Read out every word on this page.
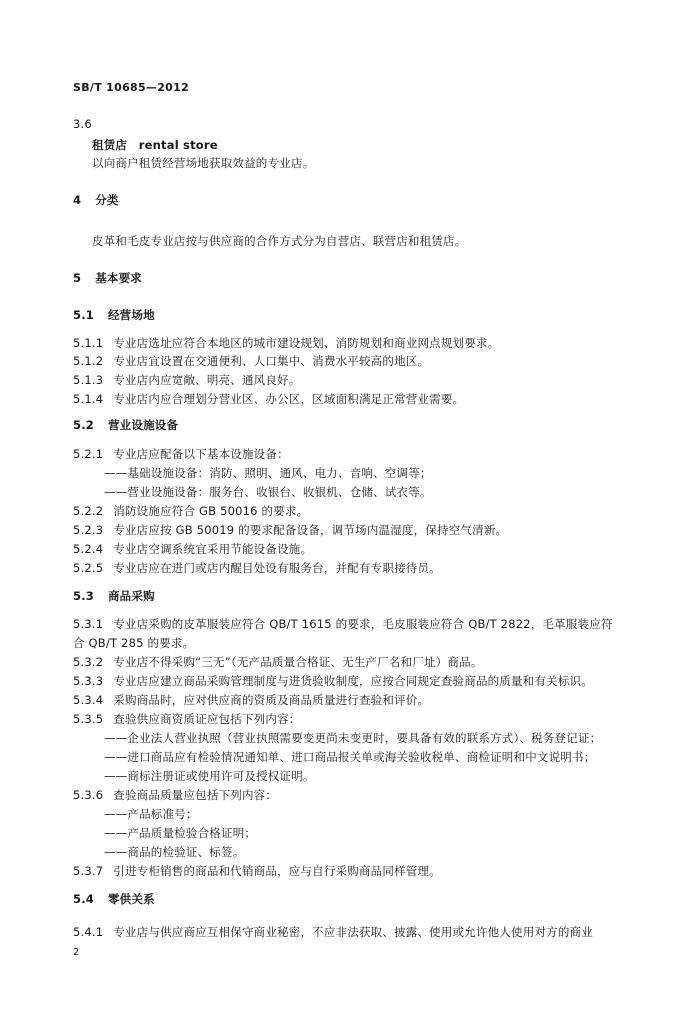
SB/T 10685—2012
3.6
租赁店　rental store
以向商户租赁经营场地获取效益的专业店。
4 分类
皮革和毛皮专业店按与供应商的合作方式分为自营店、联营店和租赁店。
5 基本要求
5.1 经营场地
5.1.1 专业店选址应符合本地区的城市建设规划、消防规划和商业网点规划要求。
5.1.2 专业店宜设置在交通便利、人口集中、消费水平较高的地区。
5.1.3 专业店内应宽敞、明亮、通风良好。
5.1.4 专业店内应合理划分营业区、办公区，区域面积满足正常营业需要。
5.2 营业设施设备
5.2.1 专业店应配备以下基本设施设备：
——基础设施设备：消防、照明、通风、电力、音响、空调等；
——营业设施设备：服务台、收银台、收银机、仓储、试衣等。
5.2.2 消防设施应符合 GB 50016 的要求。
5.2.3 专业店应按 GB 50019 的要求配备设备，调节场内温湿度，保持空气清新。
5.2.4 专业店空调系统宜采用节能设备设施。
5.2.5 专业店应在进门或店内醒目处设有服务台，并配有专职接待员。
5.3 商品采购
5.3.1 专业店采购的皮革服装应符合 QB/T 1615 的要求，毛皮服装应符合 QB/T 2822，毛革服装应符
合 QB/T 285 的要求。
5.3.2 专业店不得采购“三无”（无产品质量合格证、无生产厂名和厂址）商品。
5.3.3 专业店应建立商品采购管理制度与进货验收制度，应按合同规定查验商品的质量和有关标识。
5.3.4 采购商品时，应对供应商的资质及商品质量进行查验和评价。
5.3.5 查验供应商资质证应包括下列内容：
——企业法人营业执照（营业执照需要变更尚未变更时，要具备有效的联系方式）、税务登记证；
——进口商品应有检验情况通知单、进口商品报关单或海关验收税单、商检证明和中文说明书；
——商标注册证或使用许可及授权证明。
5.3.6 查验商品质量应包括下列内容：
——产品标准号；
——产品质量检验合格证明；
——商品的检验证、标签。
5.3.7 引进专柜销售的商品和代销商品，应与自行采购商品同样管理。
5.4 零供关系
5.4.1 专业店与供应商应互相保守商业秘密，不应非法获取、披露、使用或允许他人使用对方的商业
2
